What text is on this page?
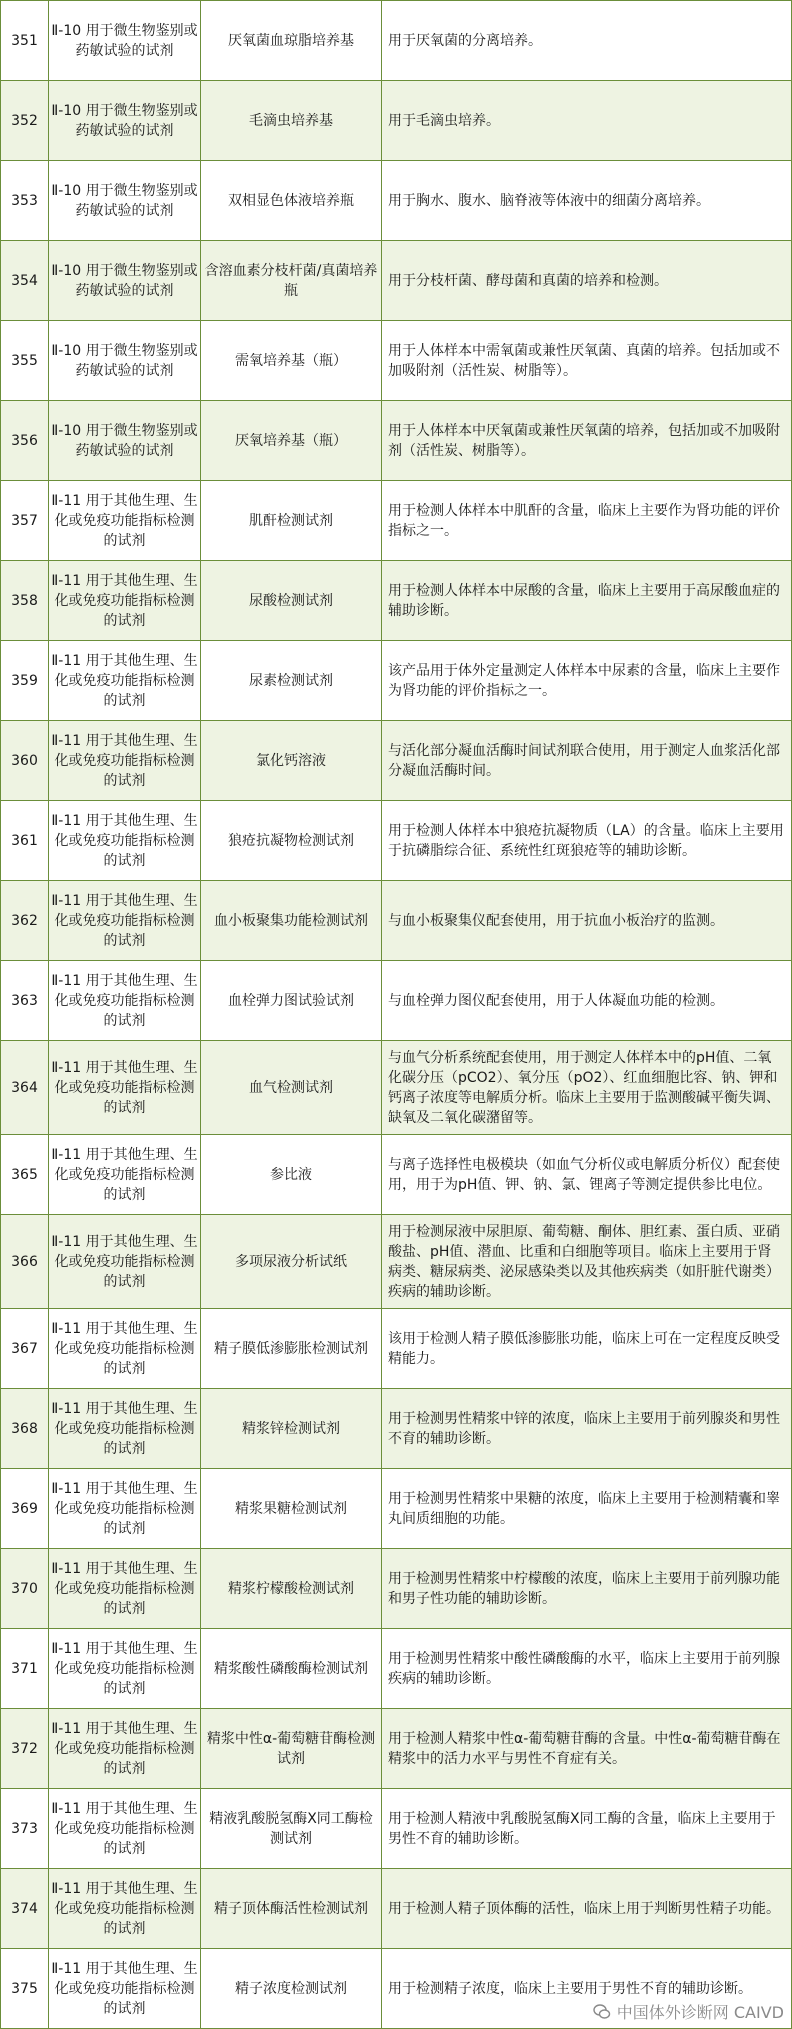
351	Ⅱ-10 用于微生物鉴别或药敏试验的试剂	厌氧菌血琼脂培养基	用于厌氧菌的分离培养。
352	Ⅱ-10 用于微生物鉴别或药敏试验的试剂	毛滴虫培养基	用于毛滴虫培养。
353	Ⅱ-10 用于微生物鉴别或药敏试验的试剂	双相显色体液培养瓶	用于胸水、腹水、脑脊液等体液中的细菌分离培养。
354	Ⅱ-10 用于微生物鉴别或药敏试验的试剂	含溶血素分枝杆菌/真菌培养瓶	用于分枝杆菌、酵母菌和真菌的培养和检测。
355	Ⅱ-10 用于微生物鉴别或药敏试验的试剂	需氧培养基（瓶）	用于人体样本中需氧菌或兼性厌氧菌、真菌的培养。包括加或不加吸附剂（活性炭、树脂等）。
356	Ⅱ-10 用于微生物鉴别或药敏试验的试剂	厌氧培养基（瓶）	用于人体样本中厌氧菌或兼性厌氧菌的培养，包括加或不加吸附剂（活性炭、树脂等）。
357	Ⅱ-11 用于其他生理、生化或免疫功能指标检测的试剂	肌酐检测试剂	用于检测人体样本中肌酐的含量，临床上主要作为肾功能的评价指标之一。
358	Ⅱ-11 用于其他生理、生化或免疫功能指标检测的试剂	尿酸检测试剂	用于检测人体样本中尿酸的含量，临床上主要用于高尿酸血症的辅助诊断。
359	Ⅱ-11 用于其他生理、生化或免疫功能指标检测的试剂	尿素检测试剂	该产品用于体外定量测定人体样本中尿素的含量，临床上主要作为肾功能的评价指标之一。
360	Ⅱ-11 用于其他生理、生化或免疫功能指标检测的试剂	氯化钙溶液	与活化部分凝血活酶时间试剂联合使用，用于测定人血浆活化部分凝血活酶时间。
361	Ⅱ-11 用于其他生理、生化或免疫功能指标检测的试剂	狼疮抗凝物检测试剂	用于检测人体样本中狼疮抗凝物质（LA）的含量。临床上主要用于抗磷脂综合征、系统性红斑狼疮等的辅助诊断。
362	Ⅱ-11 用于其他生理、生化或免疫功能指标检测的试剂	血小板聚集功能检测试剂	与血小板聚集仪配套使用，用于抗血小板治疗的监测。
363	Ⅱ-11 用于其他生理、生化或免疫功能指标检测的试剂	血栓弹力图试验试剂	与血栓弹力图仪配套使用，用于人体凝血功能的检测。
364	Ⅱ-11 用于其他生理、生化或免疫功能指标检测的试剂	血气检测试剂	与血气分析系统配套使用，用于测定人体样本中的pH值、二氧化碳分压（pCO2）、氧分压（pO2）、红血细胞比容、钠、钾和钙离子浓度等电解质分析。临床上主要用于监测酸碱平衡失调、缺氧及二氧化碳潴留等。
365	Ⅱ-11 用于其他生理、生化或免疫功能指标检测的试剂	参比液	与离子选择性电极模块（如血气分析仪或电解质分析仪）配套使用，用于为pH值、钾、钠、氯、锂离子等测定提供参比电位。
366	Ⅱ-11 用于其他生理、生化或免疫功能指标检测的试剂	多项尿液分析试纸	用于检测尿液中尿胆原、葡萄糖、酮体、胆红素、蛋白质、亚硝酸盐、pH值、潜血、比重和白细胞等项目。临床上主要用于肾病类、糖尿病类、泌尿感染类以及其他疾病类（如肝脏代谢类）疾病的辅助诊断。
367	Ⅱ-11 用于其他生理、生化或免疫功能指标检测的试剂	精子膜低渗膨胀检测试剂	该用于检测人精子膜低渗膨胀功能，临床上可在一定程度反映受精能力。
368	Ⅱ-11 用于其他生理、生化或免疫功能指标检测的试剂	精浆锌检测试剂	用于检测男性精浆中锌的浓度，临床上主要用于前列腺炎和男性不育的辅助诊断。
369	Ⅱ-11 用于其他生理、生化或免疫功能指标检测的试剂	精浆果糖检测试剂	用于检测男性精浆中果糖的浓度，临床上主要用于检测精囊和睾丸间质细胞的功能。
370	Ⅱ-11 用于其他生理、生化或免疫功能指标检测的试剂	精浆柠檬酸检测试剂	用于检测男性精浆中柠檬酸的浓度，临床上主要用于前列腺功能和男子性功能的辅助诊断。
371	Ⅱ-11 用于其他生理、生化或免疫功能指标检测的试剂	精浆酸性磷酸酶检测试剂	用于检测男性精浆中酸性磷酸酶的水平，临床上主要用于前列腺疾病的辅助诊断。
372	Ⅱ-11 用于其他生理、生化或免疫功能指标检测的试剂	精浆中性α-葡萄糖苷酶检测试剂	用于检测人精浆中性α-葡萄糖苷酶的含量。中性α-葡萄糖苷酶在精浆中的活力水平与男性不育症有关。
373	Ⅱ-11 用于其他生理、生化或免疫功能指标检测的试剂	精液乳酸脱氢酶X同工酶检测试剂	用于检测人精液中乳酸脱氢酶X同工酶的含量，临床上主要用于男性不育的辅助诊断。
374	Ⅱ-11 用于其他生理、生化或免疫功能指标检测的试剂	精子顶体酶活性检测试剂	用于检测人精子顶体酶的活性，临床上用于判断男性精子功能。
375	Ⅱ-11 用于其他生理、生化或免疫功能指标检测的试剂	精子浓度检测试剂	用于检测精子浓度，临床上主要用于男性不育的辅助诊断。
中国体外诊断网 CAIVD
